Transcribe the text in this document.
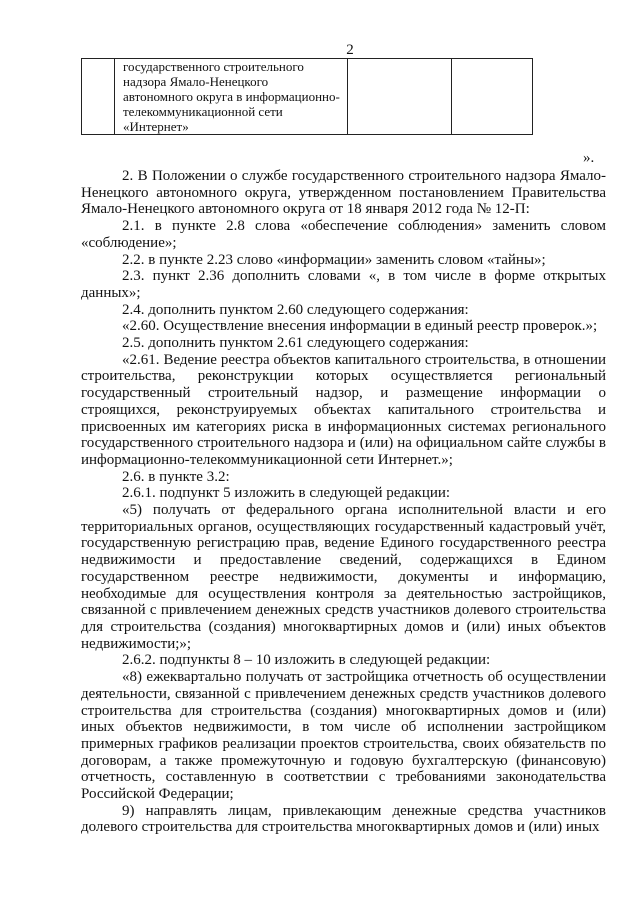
2

государственного строительного
надзора Ямало-Ненецкого
автономного округа в информационно-
телекоммуникационной сети
«Интернет»

».

2. В Положении о службе государственного строительного надзора Ямало-Ненецкого автономного округа, утвержденном постановлением Правительства Ямало-Ненецкого автономного округа от 18 января 2012 года № 12-П:

2.1. в пункте 2.8 слова «обеспечение соблюдения» заменить словом «соблюдение»;

2.2. в пункте 2.23 слово «информации» заменить словом «тайны»;

2.3. пункт 2.36 дополнить словами «, в том числе в форме открытых данных»;

2.4. дополнить пунктом 2.60 следующего содержания:

«2.60. Осуществление внесения информации в единый реестр проверок.»;

2.5. дополнить пунктом 2.61 следующего содержания:

«2.61. Ведение реестра объектов капитального строительства, в отношении строительства, реконструкции которых осуществляется региональный государственный строительный надзор, и размещение информации о строящихся, реконструируемых объектах капитального строительства и присвоенных им категориях риска в информационных системах регионального государственного строительного надзора и (или) на официальном сайте службы в информационно-телекоммуникационной сети Интернет.»;

2.6. в пункте 3.2:

2.6.1. подпункт 5 изложить в следующей редакции:

«5) получать от федерального органа исполнительной власти и его территориальных органов, осуществляющих государственный кадастровый учёт, государственную регистрацию прав, ведение Единого государственного реестра недвижимости и предоставление сведений, содержащихся в Едином государственном реестре недвижимости, документы и информацию, необходимые для осуществления контроля за деятельностью застройщиков, связанной с привлечением денежных средств участников долевого строительства для строительства (создания) многоквартирных домов и (или) иных объектов недвижимости;»;

2.6.2. подпункты 8 – 10 изложить в следующей редакции:

«8) ежеквартально получать от застройщика отчетность об осуществлении деятельности, связанной с привлечением денежных средств участников долевого строительства для строительства (создания) многоквартирных домов и (или) иных объектов недвижимости, в том числе об исполнении застройщиком примерных графиков реализации проектов строительства, своих обязательств по договорам, а также промежуточную и годовую бухгалтерскую (финансовую) отчетность, составленную в соответствии с требованиями законодательства Российской Федерации;

9) направлять лицам, привлекающим денежные средства участников долевого строительства для строительства многоквартирных домов и (или) иных
